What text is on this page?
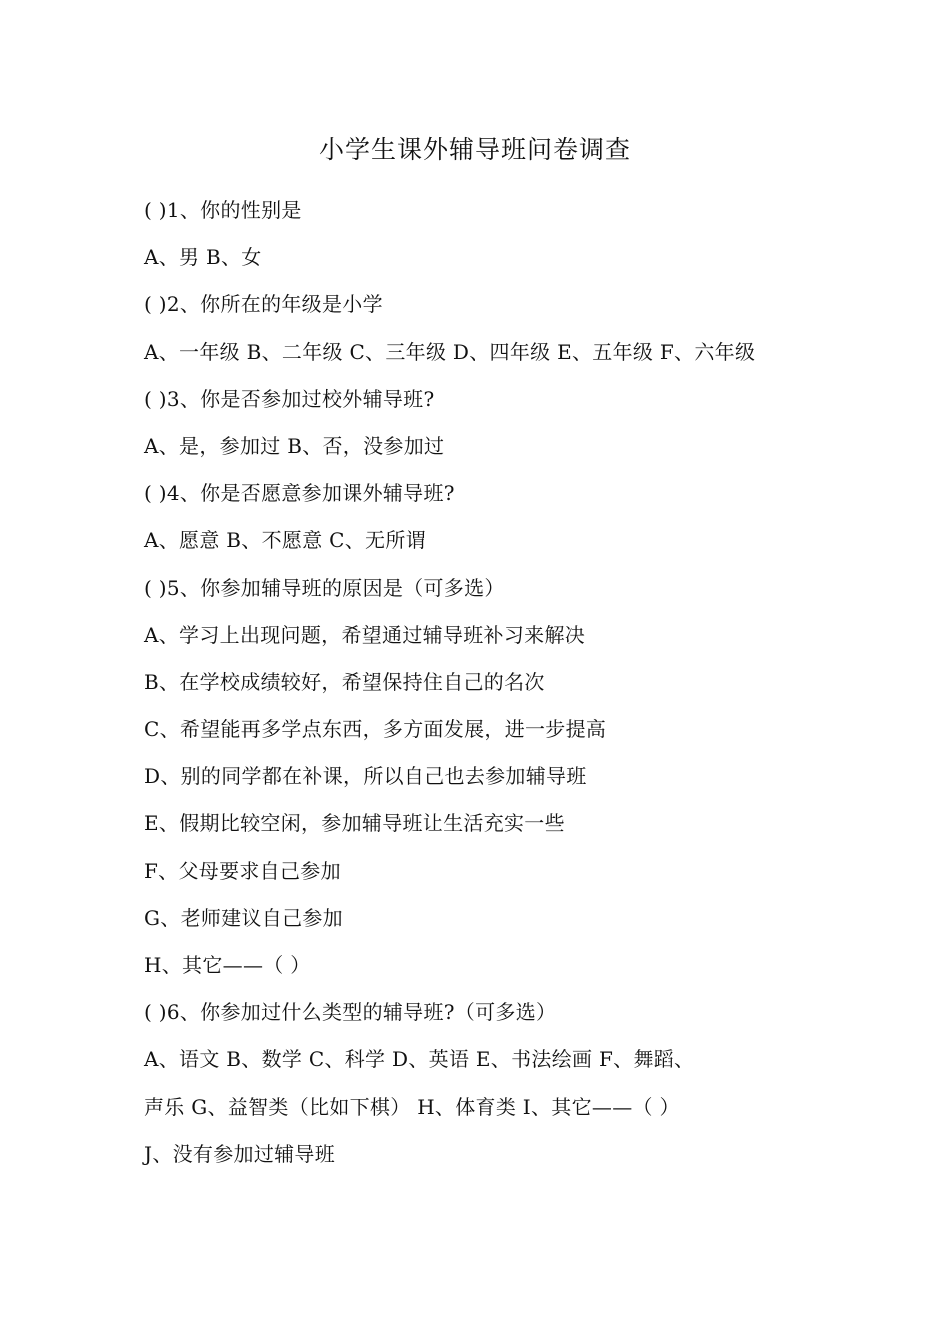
小学生课外辅导班问卷调查
( )1、你的性别是
A、男 B、女
( )2、你所在的年级是小学
A、一年级 B、二年级 C、三年级 D、四年级 E、五年级 F、六年级
( )3、你是否参加过校外辅导班?
A、是，参加过 B、否，没参加过
( )4、你是否愿意参加课外辅导班?
A、愿意 B、不愿意 C、无所谓
( )5、你参加辅导班的原因是（可多选）
A、学习上出现问题，希望通过辅导班补习来解决
B、在学校成绩较好，希望保持住自己的名次
C、希望能再多学点东西，多方面发展，进一步提高
D、别的同学都在补课，所以自己也去参加辅导班
E、假期比较空闲，参加辅导班让生活充实一些
F、父母要求自己参加
G、老师建议自己参加
H、其它——（ ）
( )6、你参加过什么类型的辅导班?（可多选）
A、语文 B、数学 C、科学 D、英语 E、书法绘画 F、舞蹈、
声乐 G、益智类（比如下棋） H、体育类 I、其它——（ ）
J、没有参加过辅导班
